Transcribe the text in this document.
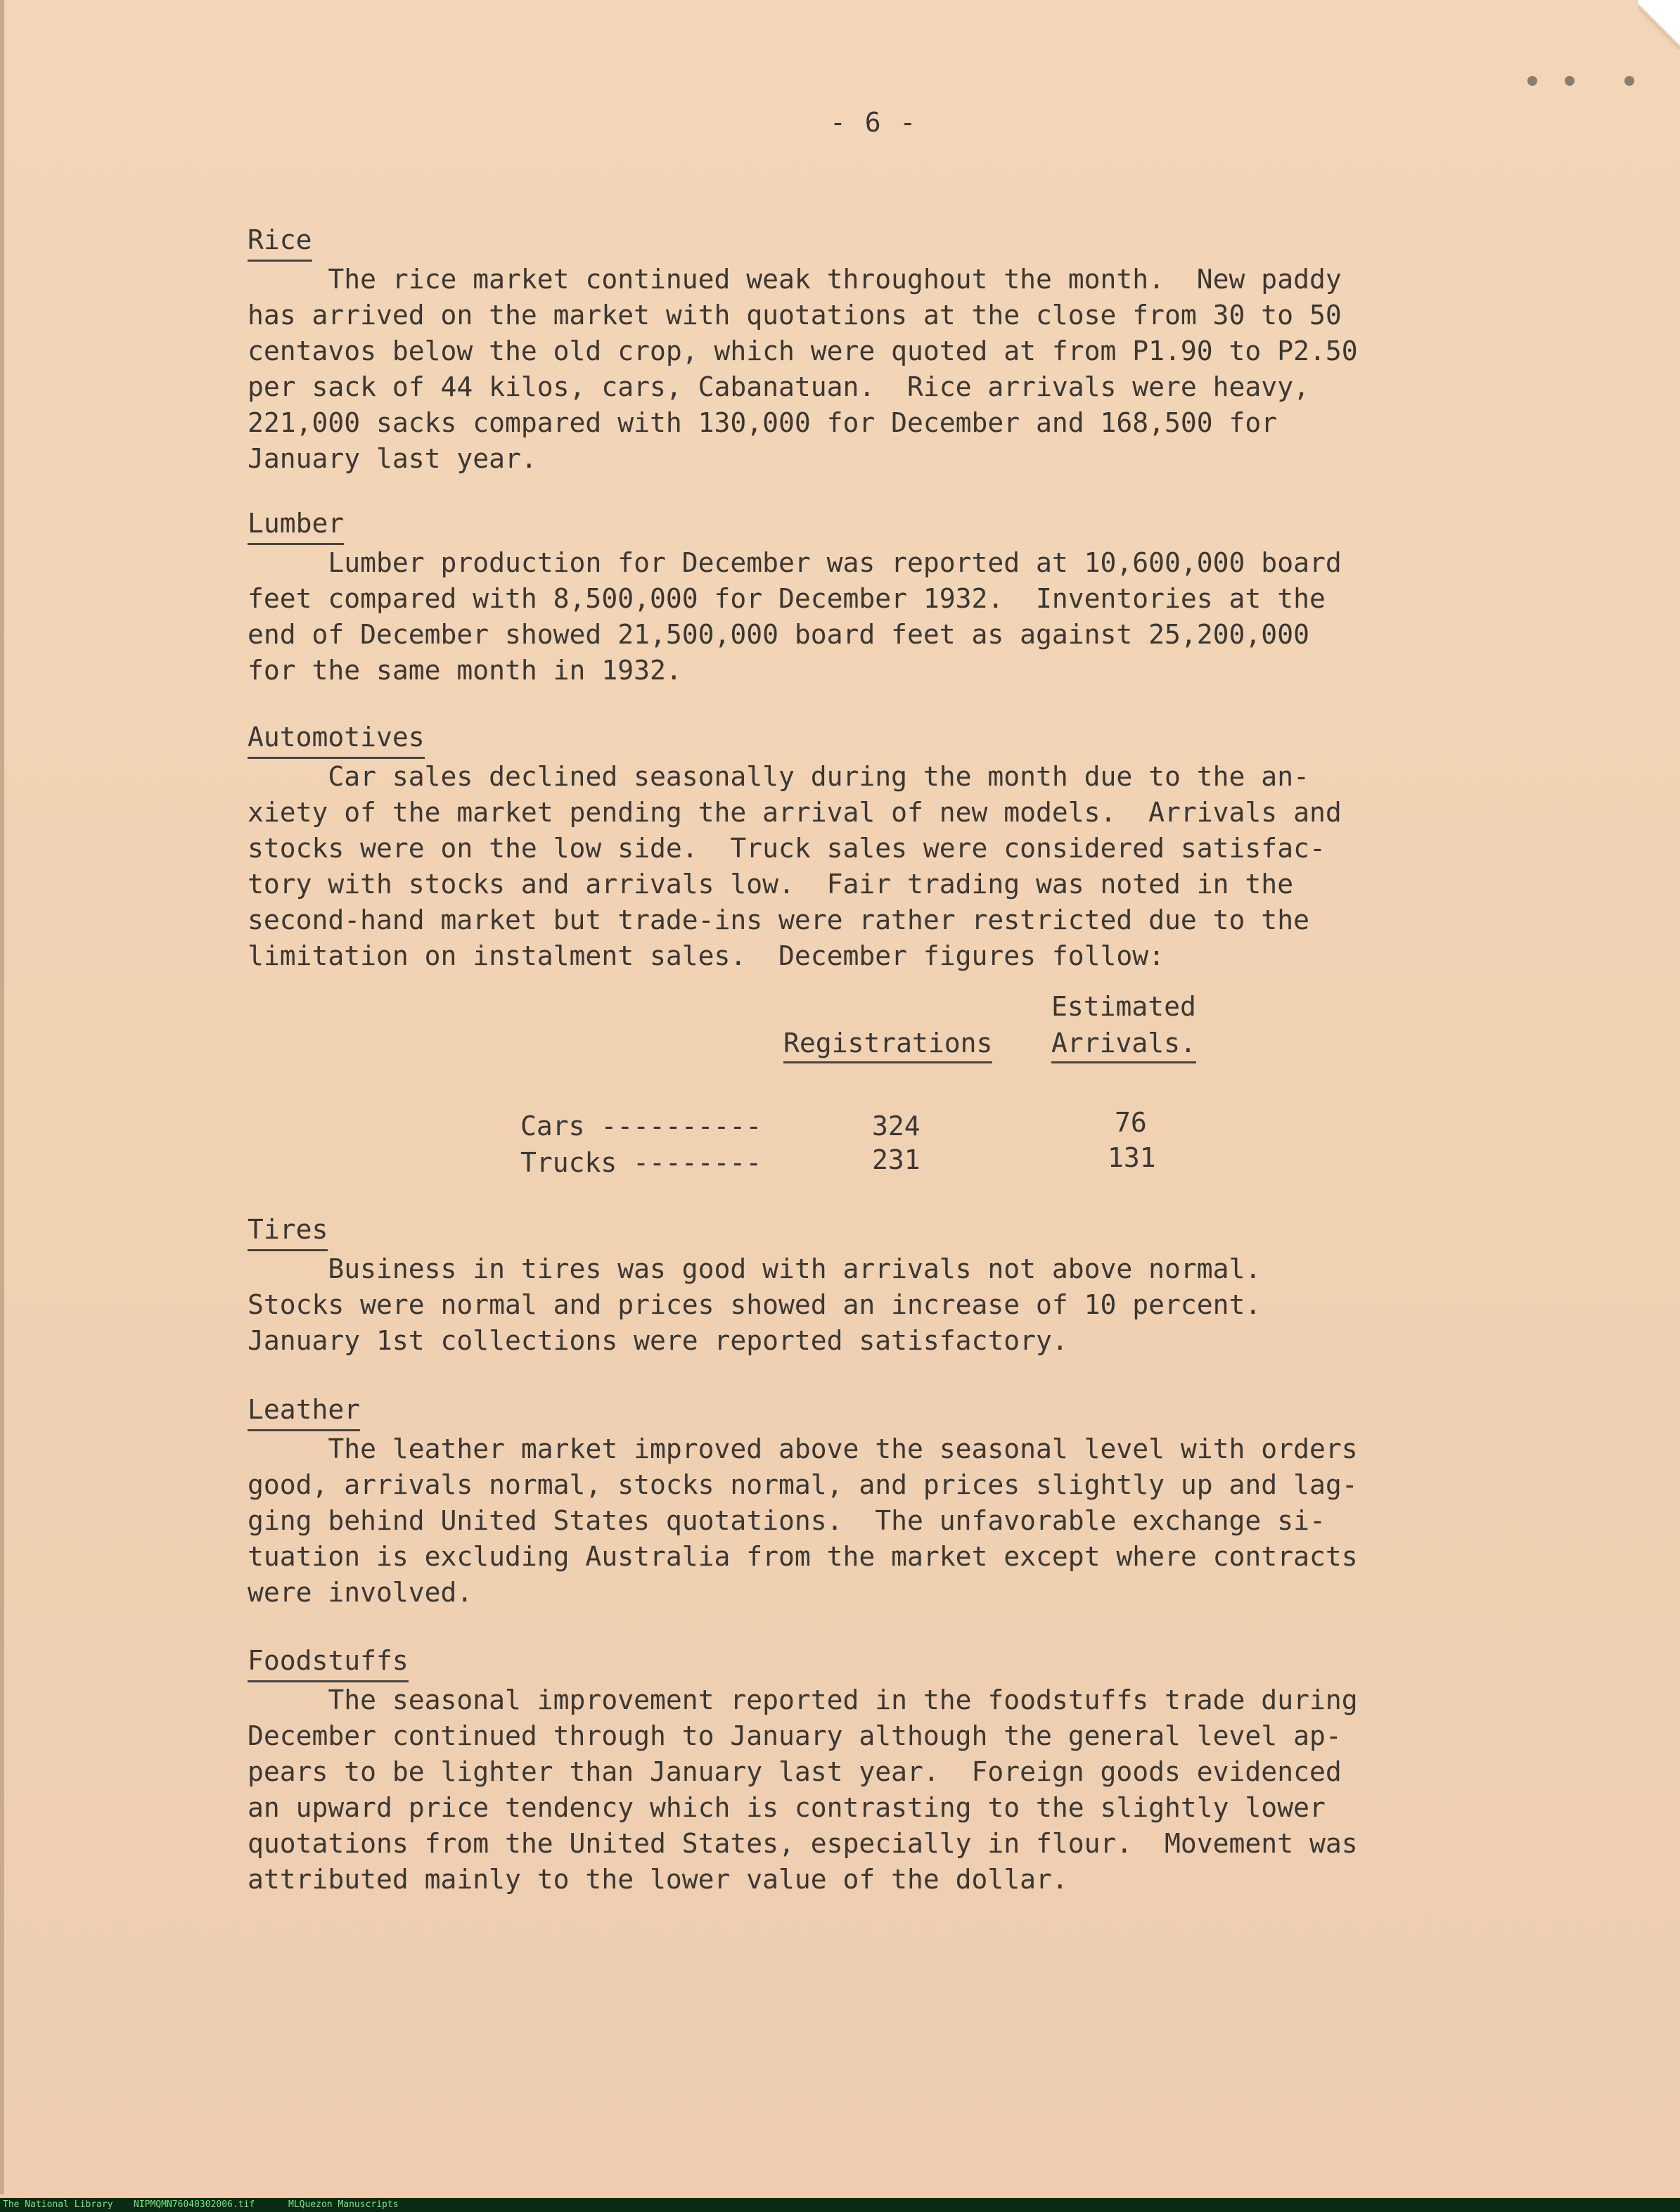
- 6 -
Rice

The rice market continued weak throughout the month.  New paddy
has arrived on the market with quotations at the close from 30 to 50
centavos below the old crop, which were quoted at from P1.90 to P2.50
per sack of 44 kilos, cars, Cabanatuan.  Rice arrivals were heavy,
221,000 sacks compared with 130,000 for December and 168,500 for
January last year.

Lumber

Lumber production for December was reported at 10,600,000 board
feet compared with 8,500,000 for December 1932.  Inventories at the
end of December showed 21,500,000 board feet as against 25,200,000
for the same month in 1932.

Automotives

Car sales declined seasonally during the month due to the an-
xiety of the market pending the arrival of new models.  Arrivals and
stocks were on the low side.  Truck sales were considered satisfac-
tory with stocks and arrivals low.  Fair trading was noted in the
second-hand market but trade-ins were rather restricted due to the
limitation on instalment sales.  December figures follow:

Estimated
Registrations Arrivals.
Cars ----------	324	76
Trucks --------	231	131
Tires

Business in tires was good with arrivals not above normal.
Stocks were normal and prices showed an increase of 10 percent.
January 1st collections were reported satisfactory.

Leather

The leather market improved above the seasonal level with orders
good, arrivals normal, stocks normal, and prices slightly up and lag-
ging behind United States quotations.  The unfavorable exchange si-
tuation is excluding Australia from the market except where contracts
were involved.

Foodstuffs

The seasonal improvement reported in the foodstuffs trade during
December continued through to January although the general level ap-
pears to be lighter than January last year.  Foreign goods evidenced
an upward price tendency which is contrasting to the slightly lower
quotations from the United States, especially in flour.  Movement was
attributed mainly to the lower value of the dollar.

The National Library NIPMQMN76040302006.tif	MLQuezon Manuscripts
